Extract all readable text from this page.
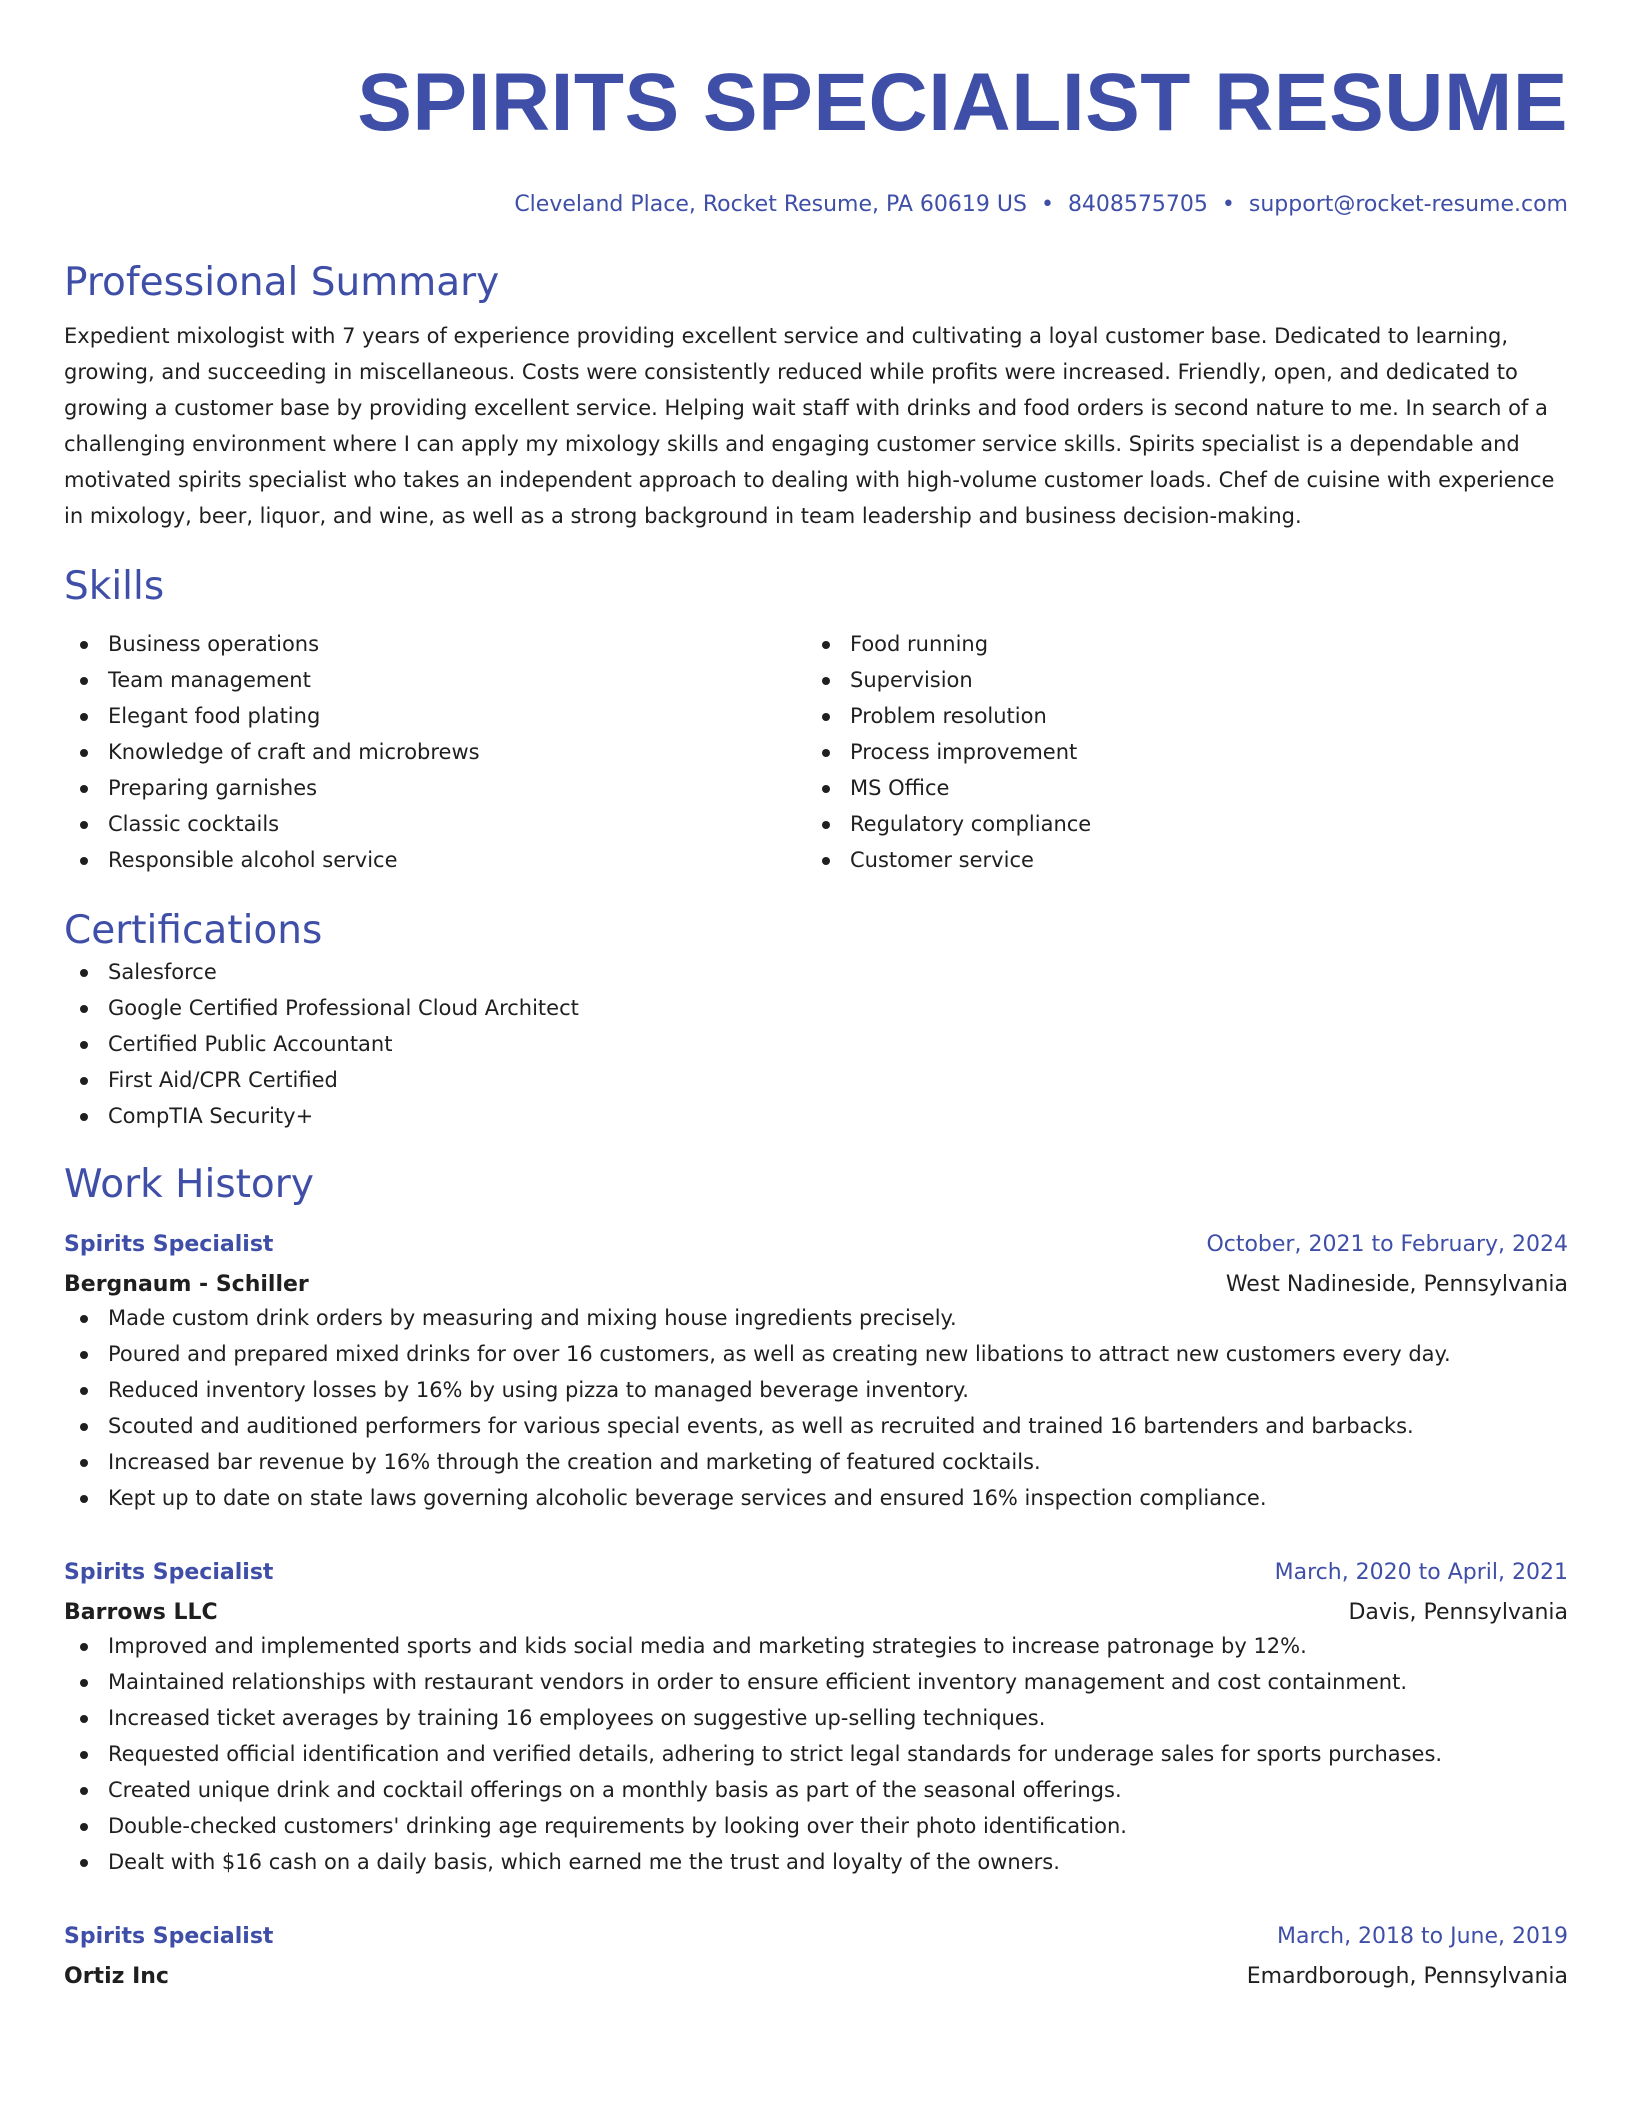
SPIRITS SPECIALIST RESUME
Cleveland Place, Rocket Resume, PA 60619 US • 8408575705 • support@rocket-resume.com
Professional Summary
Expedient mixologist with 7 years of experience providing excellent service and cultivating a loyal customer base. Dedicated to learning, growing, and succeeding in miscellaneous. Costs were consistently reduced while profits were increased. Friendly, open, and dedicated to growing a customer base by providing excellent service. Helping wait staff with drinks and food orders is second nature to me. In search of a challenging environment where I can apply my mixology skills and engaging customer service skills. Spirits specialist is a dependable and motivated spirits specialist who takes an independent approach to dealing with high-volume customer loads. Chef de cuisine with experience in mixology, beer, liquor, and wine, as well as a strong background in team leadership and business decision-making.
Skills
Business operations
Team management
Elegant food plating
Knowledge of craft and microbrews
Preparing garnishes
Classic cocktails
Responsible alcohol service
Food running
Supervision
Problem resolution
Process improvement
MS Office
Regulatory compliance
Customer service
Certifications
Salesforce
Google Certified Professional Cloud Architect
Certified Public Accountant
First Aid/CPR Certified
CompTIA Security+
Work History
Spirits Specialist	October, 2021 to February, 2024
Bergnaum - Schiller	West Nadineside, Pennsylvania
Made custom drink orders by measuring and mixing house ingredients precisely.
Poured and prepared mixed drinks for over 16 customers, as well as creating new libations to attract new customers every day.
Reduced inventory losses by 16% by using pizza to managed beverage inventory.
Scouted and auditioned performers for various special events, as well as recruited and trained 16 bartenders and barbacks.
Increased bar revenue by 16% through the creation and marketing of featured cocktails.
Kept up to date on state laws governing alcoholic beverage services and ensured 16% inspection compliance.
Spirits Specialist	March, 2020 to April, 2021
Barrows LLC	Davis, Pennsylvania
Improved and implemented sports and kids social media and marketing strategies to increase patronage by 12%.
Maintained relationships with restaurant vendors in order to ensure efficient inventory management and cost containment.
Increased ticket averages by training 16 employees on suggestive up-selling techniques.
Requested official identification and verified details, adhering to strict legal standards for underage sales for sports purchases.
Created unique drink and cocktail offerings on a monthly basis as part of the seasonal offerings.
Double-checked customers' drinking age requirements by looking over their photo identification.
Dealt with $16 cash on a daily basis, which earned me the trust and loyalty of the owners.
Spirits Specialist	March, 2018 to June, 2019
Ortiz Inc	Emardborough, Pennsylvania
